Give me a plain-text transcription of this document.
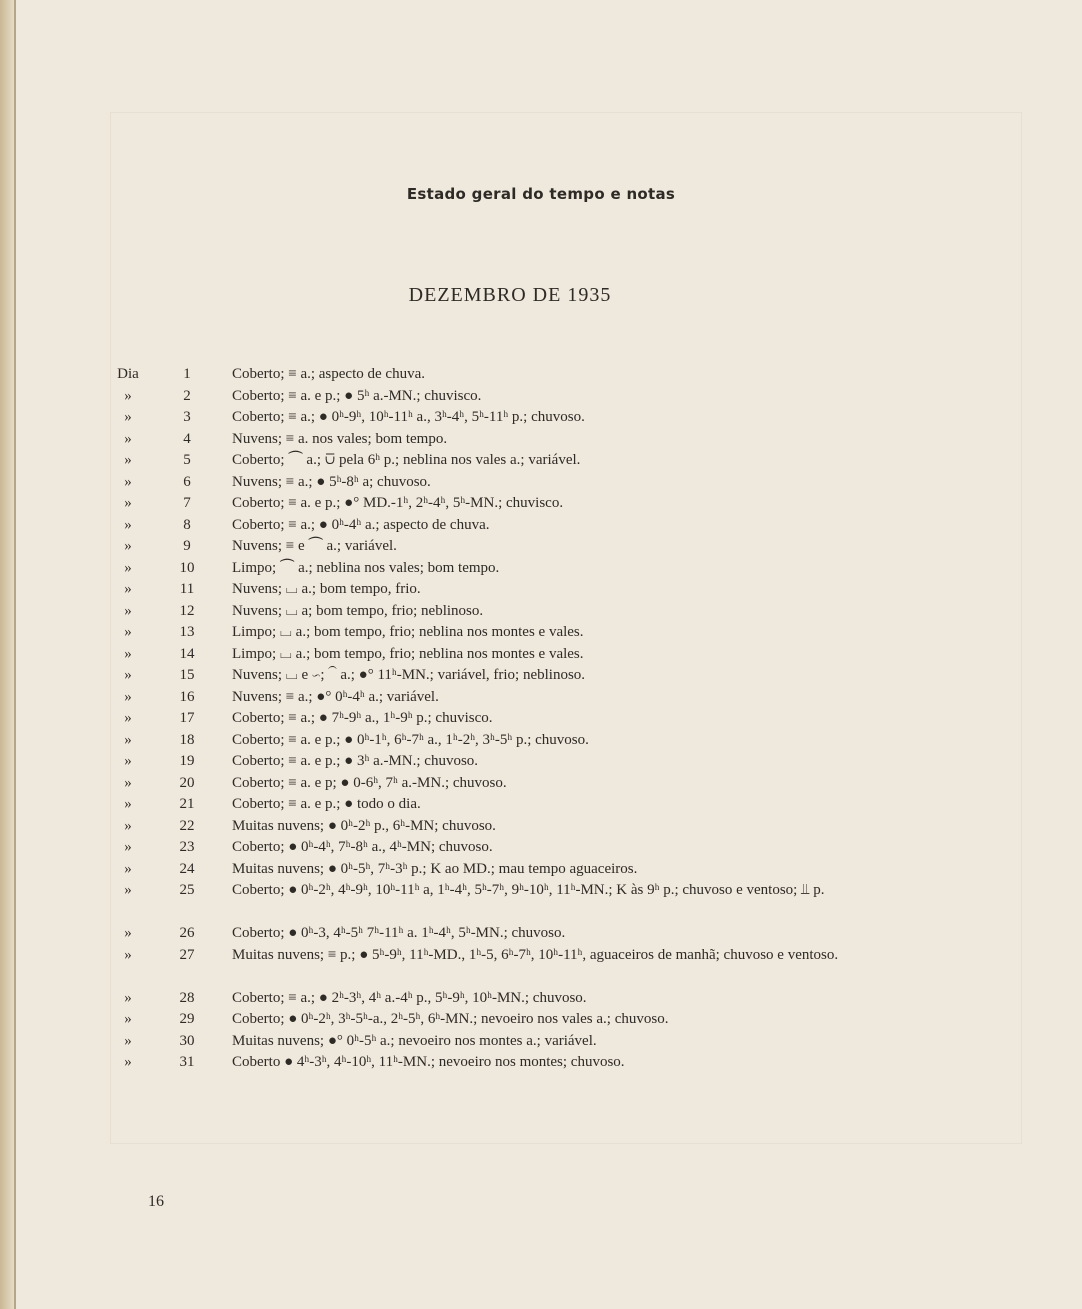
Estado geral do tempo e notas
DEZEMBRO DE 1935
Dia	1	Coberto; ≡ a.; aspecto de chuva.
»	2	Coberto; ≡ a. e p.; ● 5ʰ a.-MN.; chuvisco.
»	3	Coberto; ≡ a.; ● 0ʰ-9ʰ, 10ʰ-11ʰ a., 3ʰ-4ʰ, 5ʰ-11ʰ p.; chuvoso.
»	4	Nuvens; ≡ a. nos vales; bom tempo.
»	5	Coberto; ⏜ a.; ⩂ pela 6ʰ p.; neblina nos vales a.; variável.
»	6	Nuvens; ≡ a.; ● 5ʰ-8ʰ a; chuvoso.
»	7	Coberto; ≡ a. e p.; ●° MD.-1ʰ, 2ʰ-4ʰ, 5ʰ-MN.; chuvisco.
»	8	Coberto; ≡ a.; ● 0ʰ-4ʰ a.; aspecto de chuva.
»	9	Nuvens; ≡ e ⏜ a.; variável.
»	10	Limpo; ⏜ a.; neblina nos vales; bom tempo.
»	11	Nuvens; ⌴ a.; bom tempo, frio.
»	12	Nuvens; ⌴ a; bom tempo, frio; neblinoso.
»	13	Limpo; ⌴ a.; bom tempo, frio; neblina nos montes e vales.
»	14	Limpo; ⌴ a.; bom tempo, frio; neblina nos montes e vales.
»	15	Nuvens; ⌴ e ∽; ⏜ a.; ●° 11ʰ-MN.; variável, frio; neblinoso.
»	16	Nuvens; ≡ a.; ●° 0ʰ-4ʰ a.; variável.
»	17	Coberto; ≡ a.; ● 7ʰ-9ʰ a., 1ʰ-9ʰ p.; chuvisco.
»	18	Coberto; ≡ a. e p.; ● 0ʰ-1ʰ, 6ʰ-7ʰ a., 1ʰ-2ʰ, 3ʰ-5ʰ p.; chuvoso.
»	19	Coberto; ≡ a. e p.; ● 3ʰ a.-MN.; chuvoso.
»	20	Coberto; ≡ a. e p; ● 0-6ʰ, 7ʰ a.-MN.; chuvoso.
»	21	Coberto; ≡ a. e p.; ● todo o dia.
»	22	Muitas nuvens; ● 0ʰ-2ʰ p., 6ʰ-MN; chuvoso.
»	23	Coberto; ● 0ʰ-4ʰ, 7ʰ-8ʰ a., 4ʰ-MN; chuvoso.
»	24	Muitas nuvens; ● 0ʰ-5ʰ, 7ʰ-3ʰ p.; K ao MD.; mau tempo aguaceiros.
»	25	Coberto; ● 0ʰ-2ʰ, 4ʰ-9ʰ, 10ʰ-11ʰ a, 1ʰ-4ʰ, 5ʰ-7ʰ, 9ʰ-10ʰ, 11ʰ-MN.; K às 9ʰ p.; chuvoso e ventoso; ⫫ p.
»	26	Coberto; ● 0ʰ-3, 4ʰ-5ʰ 7ʰ-11ʰ a. 1ʰ-4ʰ, 5ʰ-MN.; chuvoso.
»	27	Muitas nuvens; ≡ p.; ● 5ʰ-9ʰ, 11ʰ-MD., 1ʰ-5, 6ʰ-7ʰ, 10ʰ-11ʰ, aguaceiros de manhã; chuvoso e ventoso.
»	28	Coberto; ≡ a.; ● 2ʰ-3ʰ, 4ʰ a.-4ʰ p., 5ʰ-9ʰ, 10ʰ-MN.; chuvoso.
»	29	Coberto; ● 0ʰ-2ʰ, 3ʰ-5ʰ-a., 2ʰ-5ʰ, 6ʰ-MN.; nevoeiro nos vales a.; chuvoso.
»	30	Muitas nuvens; ●° 0ʰ-5ʰ a.; nevoeiro nos montes a.; variável.
»	31	Coberto ● 4ʰ-3ʰ, 4ʰ-10ʰ, 11ʰ-MN.; nevoeiro nos montes; chuvoso.
16
